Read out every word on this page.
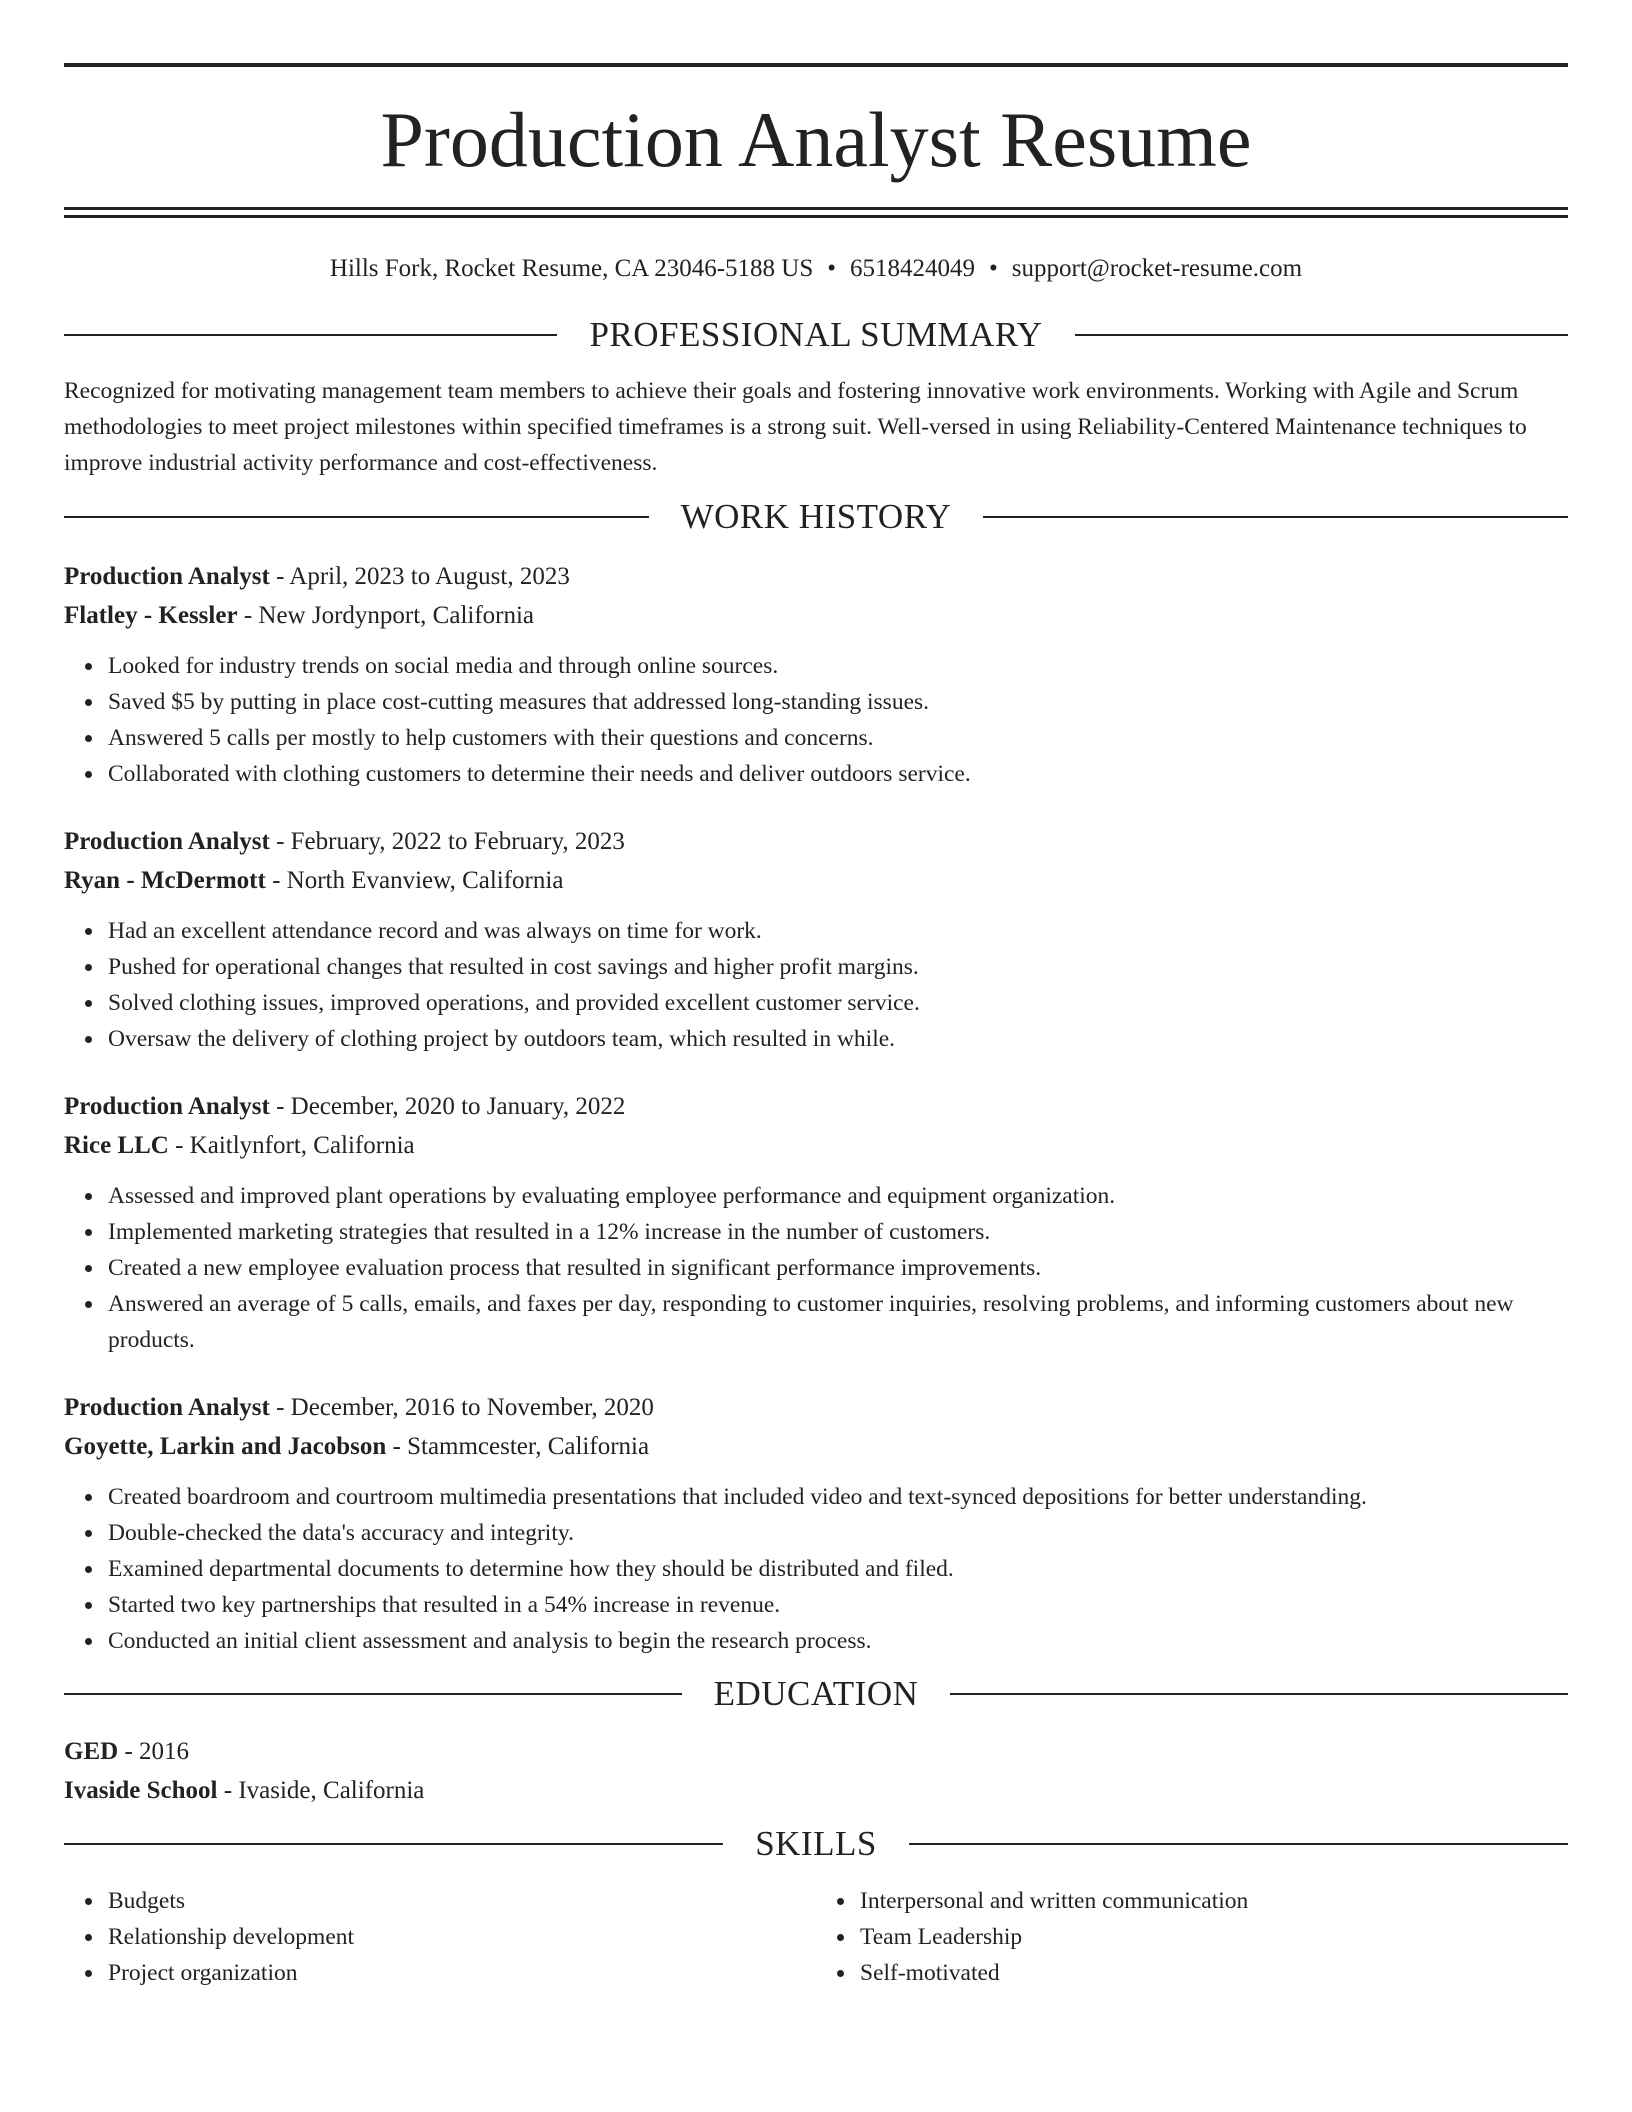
Production Analyst Resume
Hills Fork, Rocket Resume, CA 23046-5188 US • 6518424049 • support@rocket-resume.com
PROFESSIONAL SUMMARY
Recognized for motivating management team members to achieve their goals and fostering innovative work environments. Working with Agile and Scrum methodologies to meet project milestones within specified timeframes is a strong suit. Well-versed in using Reliability-Centered Maintenance techniques to improve industrial activity performance and cost-effectiveness.
WORK HISTORY
Production Analyst - April, 2023 to August, 2023
Flatley - Kessler - New Jordynport, California
Looked for industry trends on social media and through online sources.
Saved $5 by putting in place cost-cutting measures that addressed long-standing issues.
Answered 5 calls per mostly to help customers with their questions and concerns.
Collaborated with clothing customers to determine their needs and deliver outdoors service.
Production Analyst - February, 2022 to February, 2023
Ryan - McDermott - North Evanview, California
Had an excellent attendance record and was always on time for work.
Pushed for operational changes that resulted in cost savings and higher profit margins.
Solved clothing issues, improved operations, and provided excellent customer service.
Oversaw the delivery of clothing project by outdoors team, which resulted in while.
Production Analyst - December, 2020 to January, 2022
Rice LLC - Kaitlynfort, California
Assessed and improved plant operations by evaluating employee performance and equipment organization.
Implemented marketing strategies that resulted in a 12% increase in the number of customers.
Created a new employee evaluation process that resulted in significant performance improvements.
Answered an average of 5 calls, emails, and faxes per day, responding to customer inquiries, resolving problems, and informing customers about new products.
Production Analyst - December, 2016 to November, 2020
Goyette, Larkin and Jacobson - Stammcester, California
Created boardroom and courtroom multimedia presentations that included video and text-synced depositions for better understanding.
Double-checked the data's accuracy and integrity.
Examined departmental documents to determine how they should be distributed and filed.
Started two key partnerships that resulted in a 54% increase in revenue.
Conducted an initial client assessment and analysis to begin the research process.
EDUCATION
GED - 2016
Ivaside School - Ivaside, California
SKILLS
Budgets
Relationship development
Project organization
Interpersonal and written communication
Team Leadership
Self-motivated
